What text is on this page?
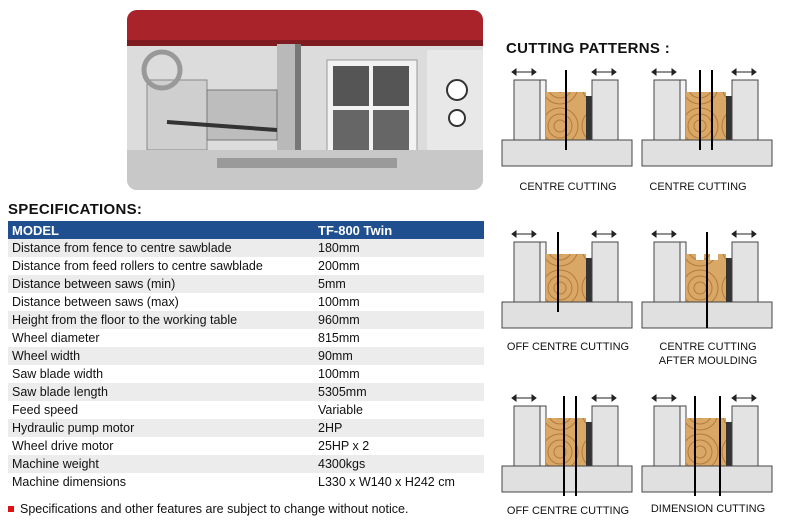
SPECIFICATIONS:
MODEL	TF-800 Twin
Distance from fence to centre sawblade	180mm
Distance from feed rollers to centre sawblade	200mm
Distance between saws (min)	5mm
Distance between saws (max)	100mm
Height from the floor to the working table	960mm
Wheel diameter	815mm
Wheel width	90mm
Saw blade width	100mm
Saw blade length	5305mm
Feed speed	Variable
Hydraulic pump motor	2HP
Wheel drive motor	25HP x 2
Machine weight	4300kgs
Machine dimensions	L330 x W140 x H242 cm
Specifications and other features are subject to change without notice.
CUTTING PATTERNS :
CENTRE CUTTING	CENTRE CUTTING
OFF CENTRE CUTTING	CENTRE CUTTING
AFTER MOULDING
OFF CENTRE CUTTING	DIMENSION CUTTING
